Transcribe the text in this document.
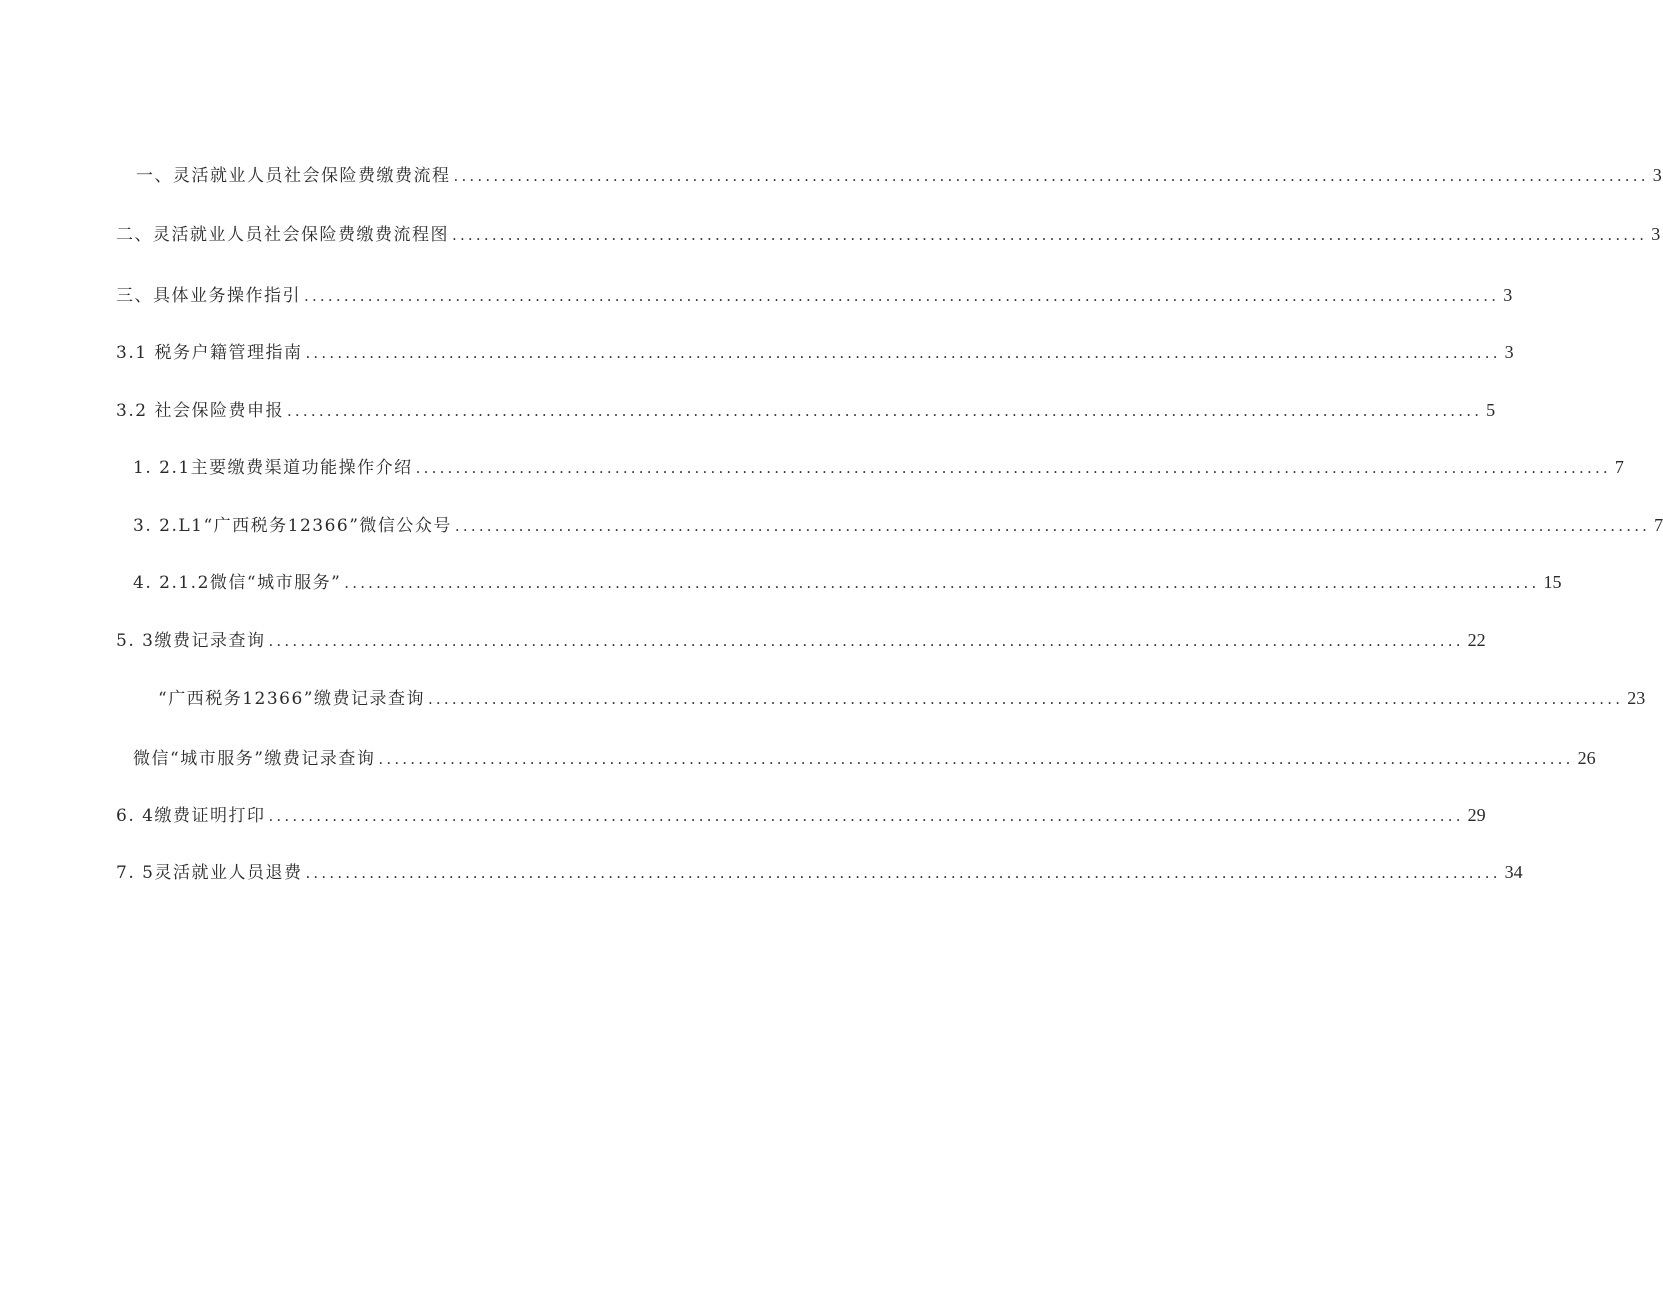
一、灵活就业人员社会保险费缴费流程 ...................................................................................................................................................... 3
二、灵活就业人员社会保险费缴费流程图 ...................................................................................................................................................... 3
三、具体业务操作指引 ...................................................................................................................................................... 3
3.1 税务户籍管理指南 ...................................................................................................................................................... 3
3.2 社会保险费申报 ...................................................................................................................................................... 5
1. 2.1主要缴费渠道功能操作介绍 ...................................................................................................................................................... 7
3. 2.L1“广西税务12366”微信公众号 ...................................................................................................................................................... 7
4. 2.1.2微信“城市服务” ...................................................................................................................................................... 15
5. 3缴费记录查询 ...................................................................................................................................................... 22
“广西税务12366”缴费记录查询 ...................................................................................................................................................... 23
微信“城市服务”缴费记录查询 ...................................................................................................................................................... 26
6. 4缴费证明打印 ...................................................................................................................................................... 29
7. 5灵活就业人员退费 ...................................................................................................................................................... 34
